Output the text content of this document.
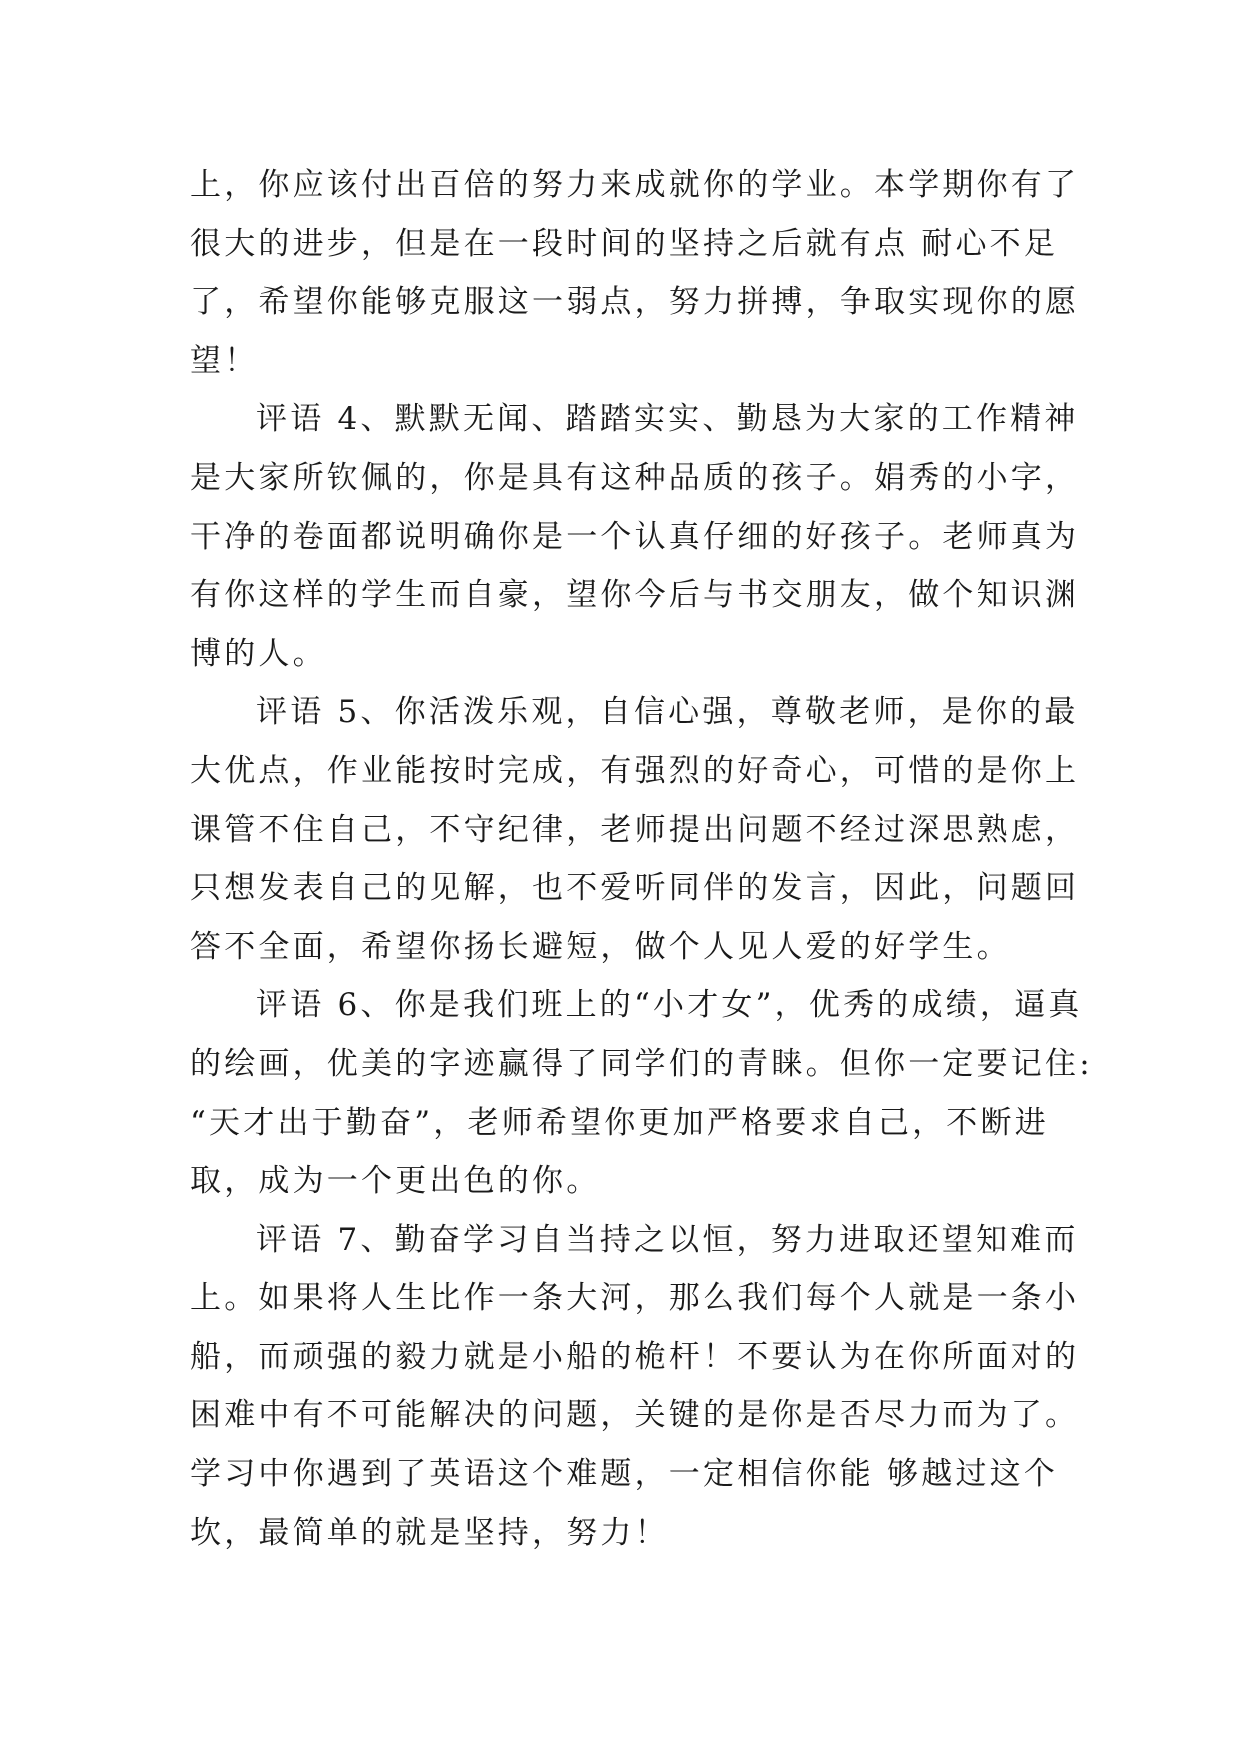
上，你应该付出百倍的努力来成就你的学业。本学期你有了
很大的进步，但是在一段时间的坚持之后就有点 耐心不足
了，希望你能够克服这一弱点，努力拼搏，争取实现你的愿
望！
评语 4、默默无闻、踏踏实实、勤恳为大家的工作精神
是大家所钦佩的，你是具有这种品质的孩子。娟秀的小字，
干净的卷面都说明确你是一个认真仔细的好孩子。老师真为
有你这样的学生而自豪，望你今后与书交朋友，做个知识渊
博的人。
评语 5、你活泼乐观，自信心强，尊敬老师，是你的最
大优点，作业能按时完成，有强烈的好奇心，可惜的是你上
课管不住自己，不守纪律，老师提出问题不经过深思熟虑，
只想发表自己的见解，也不爱听同伴的发言，因此，问题回
答不全面，希望你扬长避短，做个人见人爱的好学生。
评语 6、你是我们班上的“小才女”，优秀的成绩，逼真
的绘画，优美的字迹赢得了同学们的青睐。但你一定要记住:
“天才出于勤奋”，老师希望你更加严格要求自己，不断进
取，成为一个更出色的你。
评语 7、勤奋学习自当持之以恒，努力进取还望知难而
上。如果将人生比作一条大河，那么我们每个人就是一条小
船，而顽强的毅力就是小船的桅杆！不要认为在你所面对的
困难中有不可能解决的问题，关键的是你是否尽力而为了。
学习中你遇到了英语这个难题，一定相信你能 够越过这个
坎，最简单的就是坚持，努力！
